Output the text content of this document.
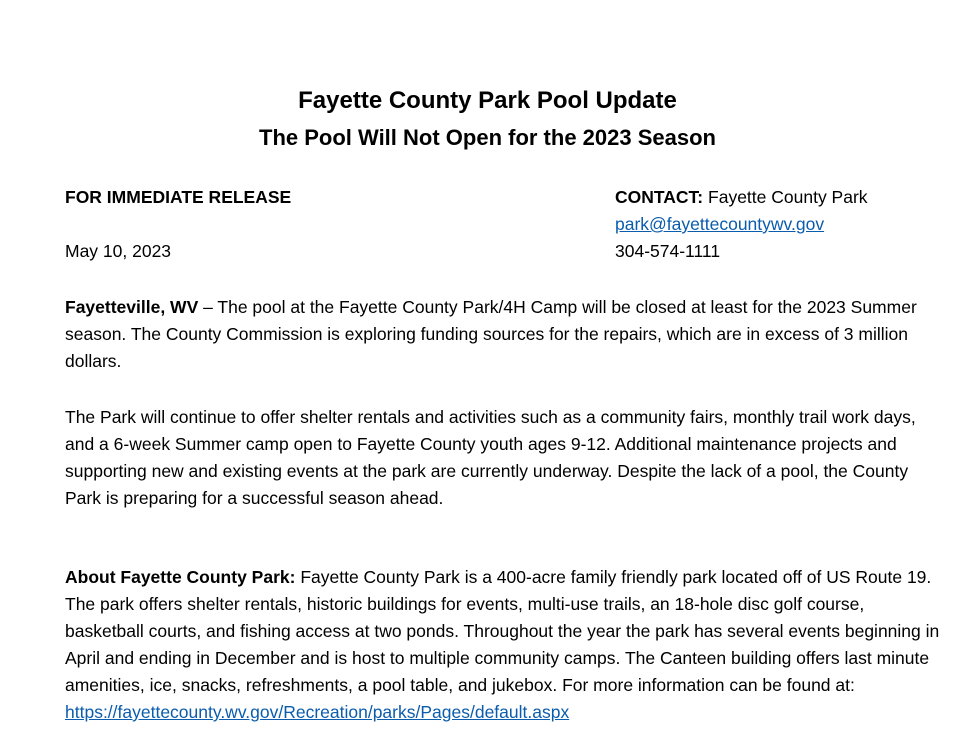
Fayette County Park Pool Update
The Pool Will Not Open for the 2023 Season
FOR IMMEDIATE RELEASE
May 10, 2023
CONTACT: Fayette County Park
park@fayettecountywv.gov
304-574-1111

Fayetteville, WV – The pool at the Fayette County Park/4H Camp will be closed at least for the 2023 Summer season. The County Commission is exploring funding sources for the repairs, which are in excess of 3 million dollars.

The Park will continue to offer shelter rentals and activities such as a community fairs, monthly trail work days, and a 6-week Summer camp open to Fayette County youth ages 9-12. Additional maintenance projects and supporting new and existing events at the park are currently underway. Despite the lack of a pool, the County Park is preparing for a successful season ahead.

About Fayette County Park: Fayette County Park is a 400-acre family friendly park located off of US Route 19. The park offers shelter rentals, historic buildings for events, multi-use trails, an 18-hole disc golf course, basketball courts, and fishing access at two ponds. Throughout the year the park has several events beginning in April and ending in December and is host to multiple community camps. The Canteen building offers last minute amenities, ice, snacks, refreshments, a pool table, and jukebox. For more information can be found at: https://fayettecounty.wv.gov/Recreation/parks/Pages/default.aspx
